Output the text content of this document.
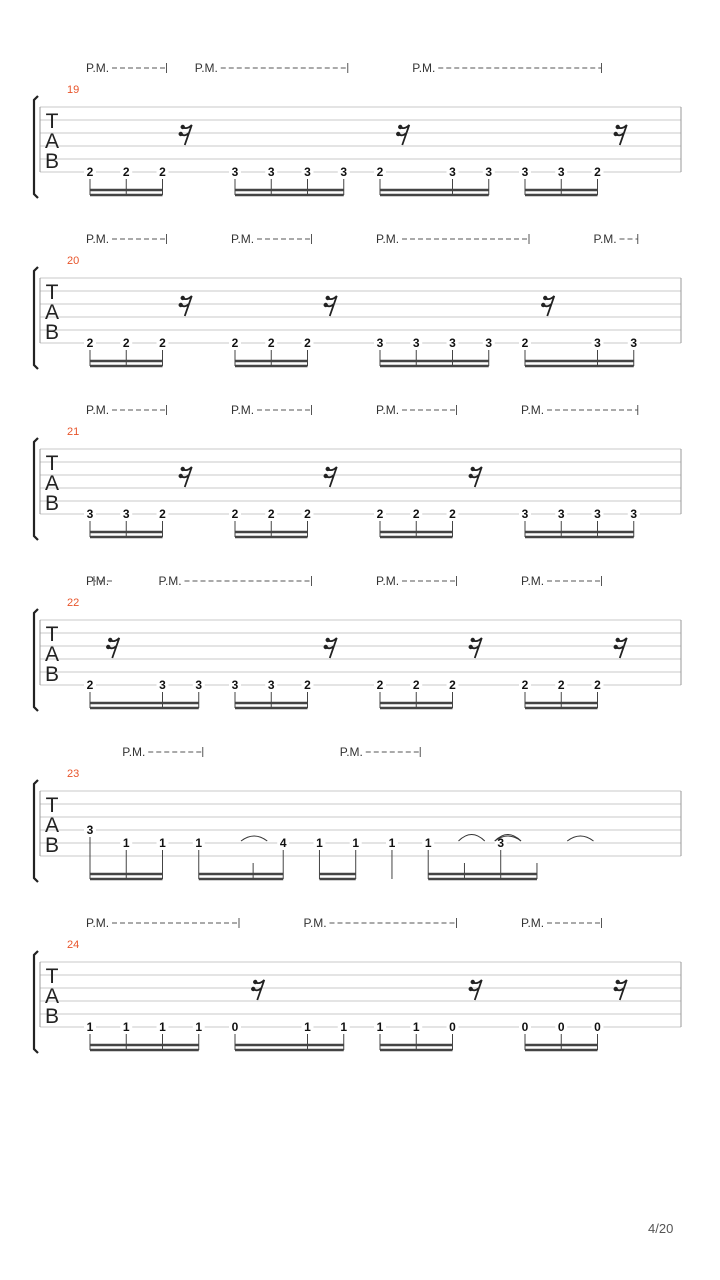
T
A
B
19
P.M.	P.M.	P.M.
2 2 2	3 3 3 3 2	3 3 3 3 2
T
A
B
20
P.M.	P.M.	P.M.	P.M.
2 2 2	2 2 2	3 3 3 3 2	3 3
T
A
B
21
P.M.	P.M.	P.M.	P.M.
3 3 2	2 2 2	2 2 2	3 3 3 3
T
A
B
22
P.M.	P.M.	P.M.	P.M.
2	3 3 3 3 2	2 2 2	2 2 2
T
A
B
23
P.M.	P.M.
3
1 1 1	4 1 1 1 1	3
T
A
B
24
P.M.	P.M.	P.M.
1 1 1 1 0	1 1 1 1 0	0 0 0
4/20
